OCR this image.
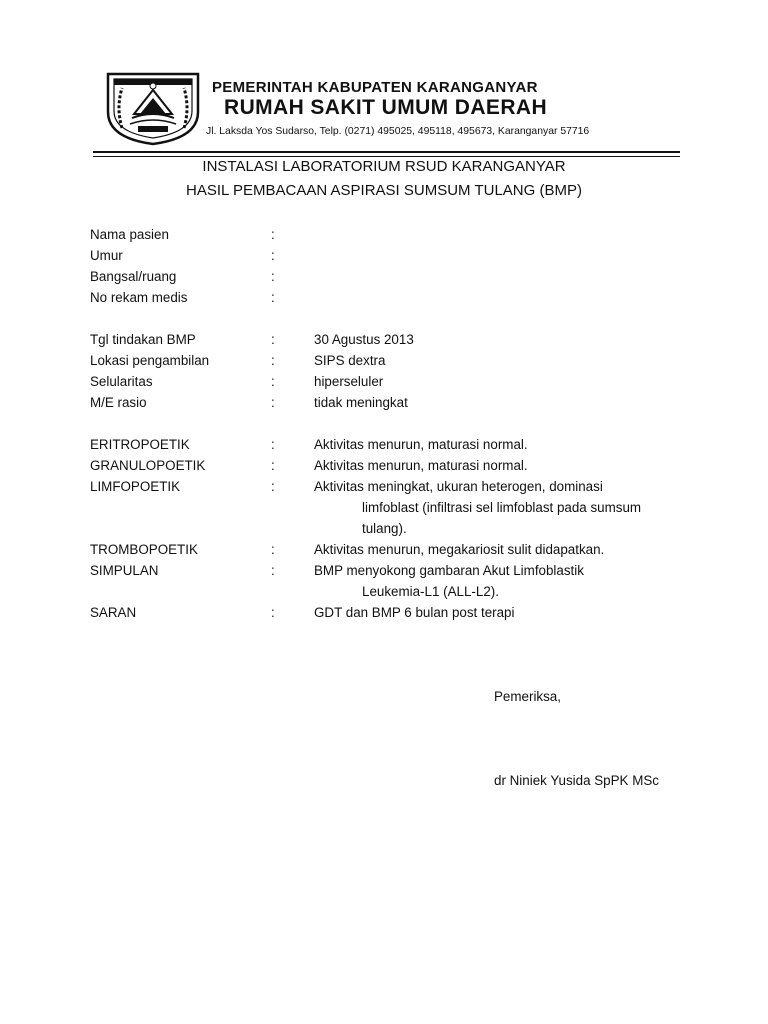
PEMERINTAH KABUPATEN KARANGANYAR
RUMAH SAKIT UMUM DAERAH
Jl. Laksda Yos Sudarso, Telp. (0271) 495025, 495118, 495673, Karanganyar 57716
INSTALASI LABORATORIUM RSUD KARANGANYAR
HASIL PEMBACAAN ASPIRASI SUMSUM TULANG (BMP)
Nama pasien	:
Umur	:
Bangsal/ruang	:
No rekam medis	:
Tgl tindakan BMP	:	30 Agustus 2013
Lokasi pengambilan	:	SIPS dextra
Selularitas	:	hiperseluler
M/E rasio	:	tidak meningkat
ERITROPOETIK	:	Aktivitas menurun, maturasi normal.
GRANULOPOETIK	:	Aktivitas menurun, maturasi normal.
LIMFOPOETIK	:	Aktivitas meningkat, ukuran heterogen, dominasi
limfoblast (infiltrasi sel limfoblast pada sumsum
tulang).
TROMBOPOETIK	:	Aktivitas menurun, megakariosit sulit didapatkan.
SIMPULAN	:	BMP menyokong gambaran Akut Limfoblastik
Leukemia-L1 (ALL-L2).
SARAN	:	GDT dan BMP 6 bulan post terapi
Pemeriksa,
dr Niniek Yusida SpPK MSc
